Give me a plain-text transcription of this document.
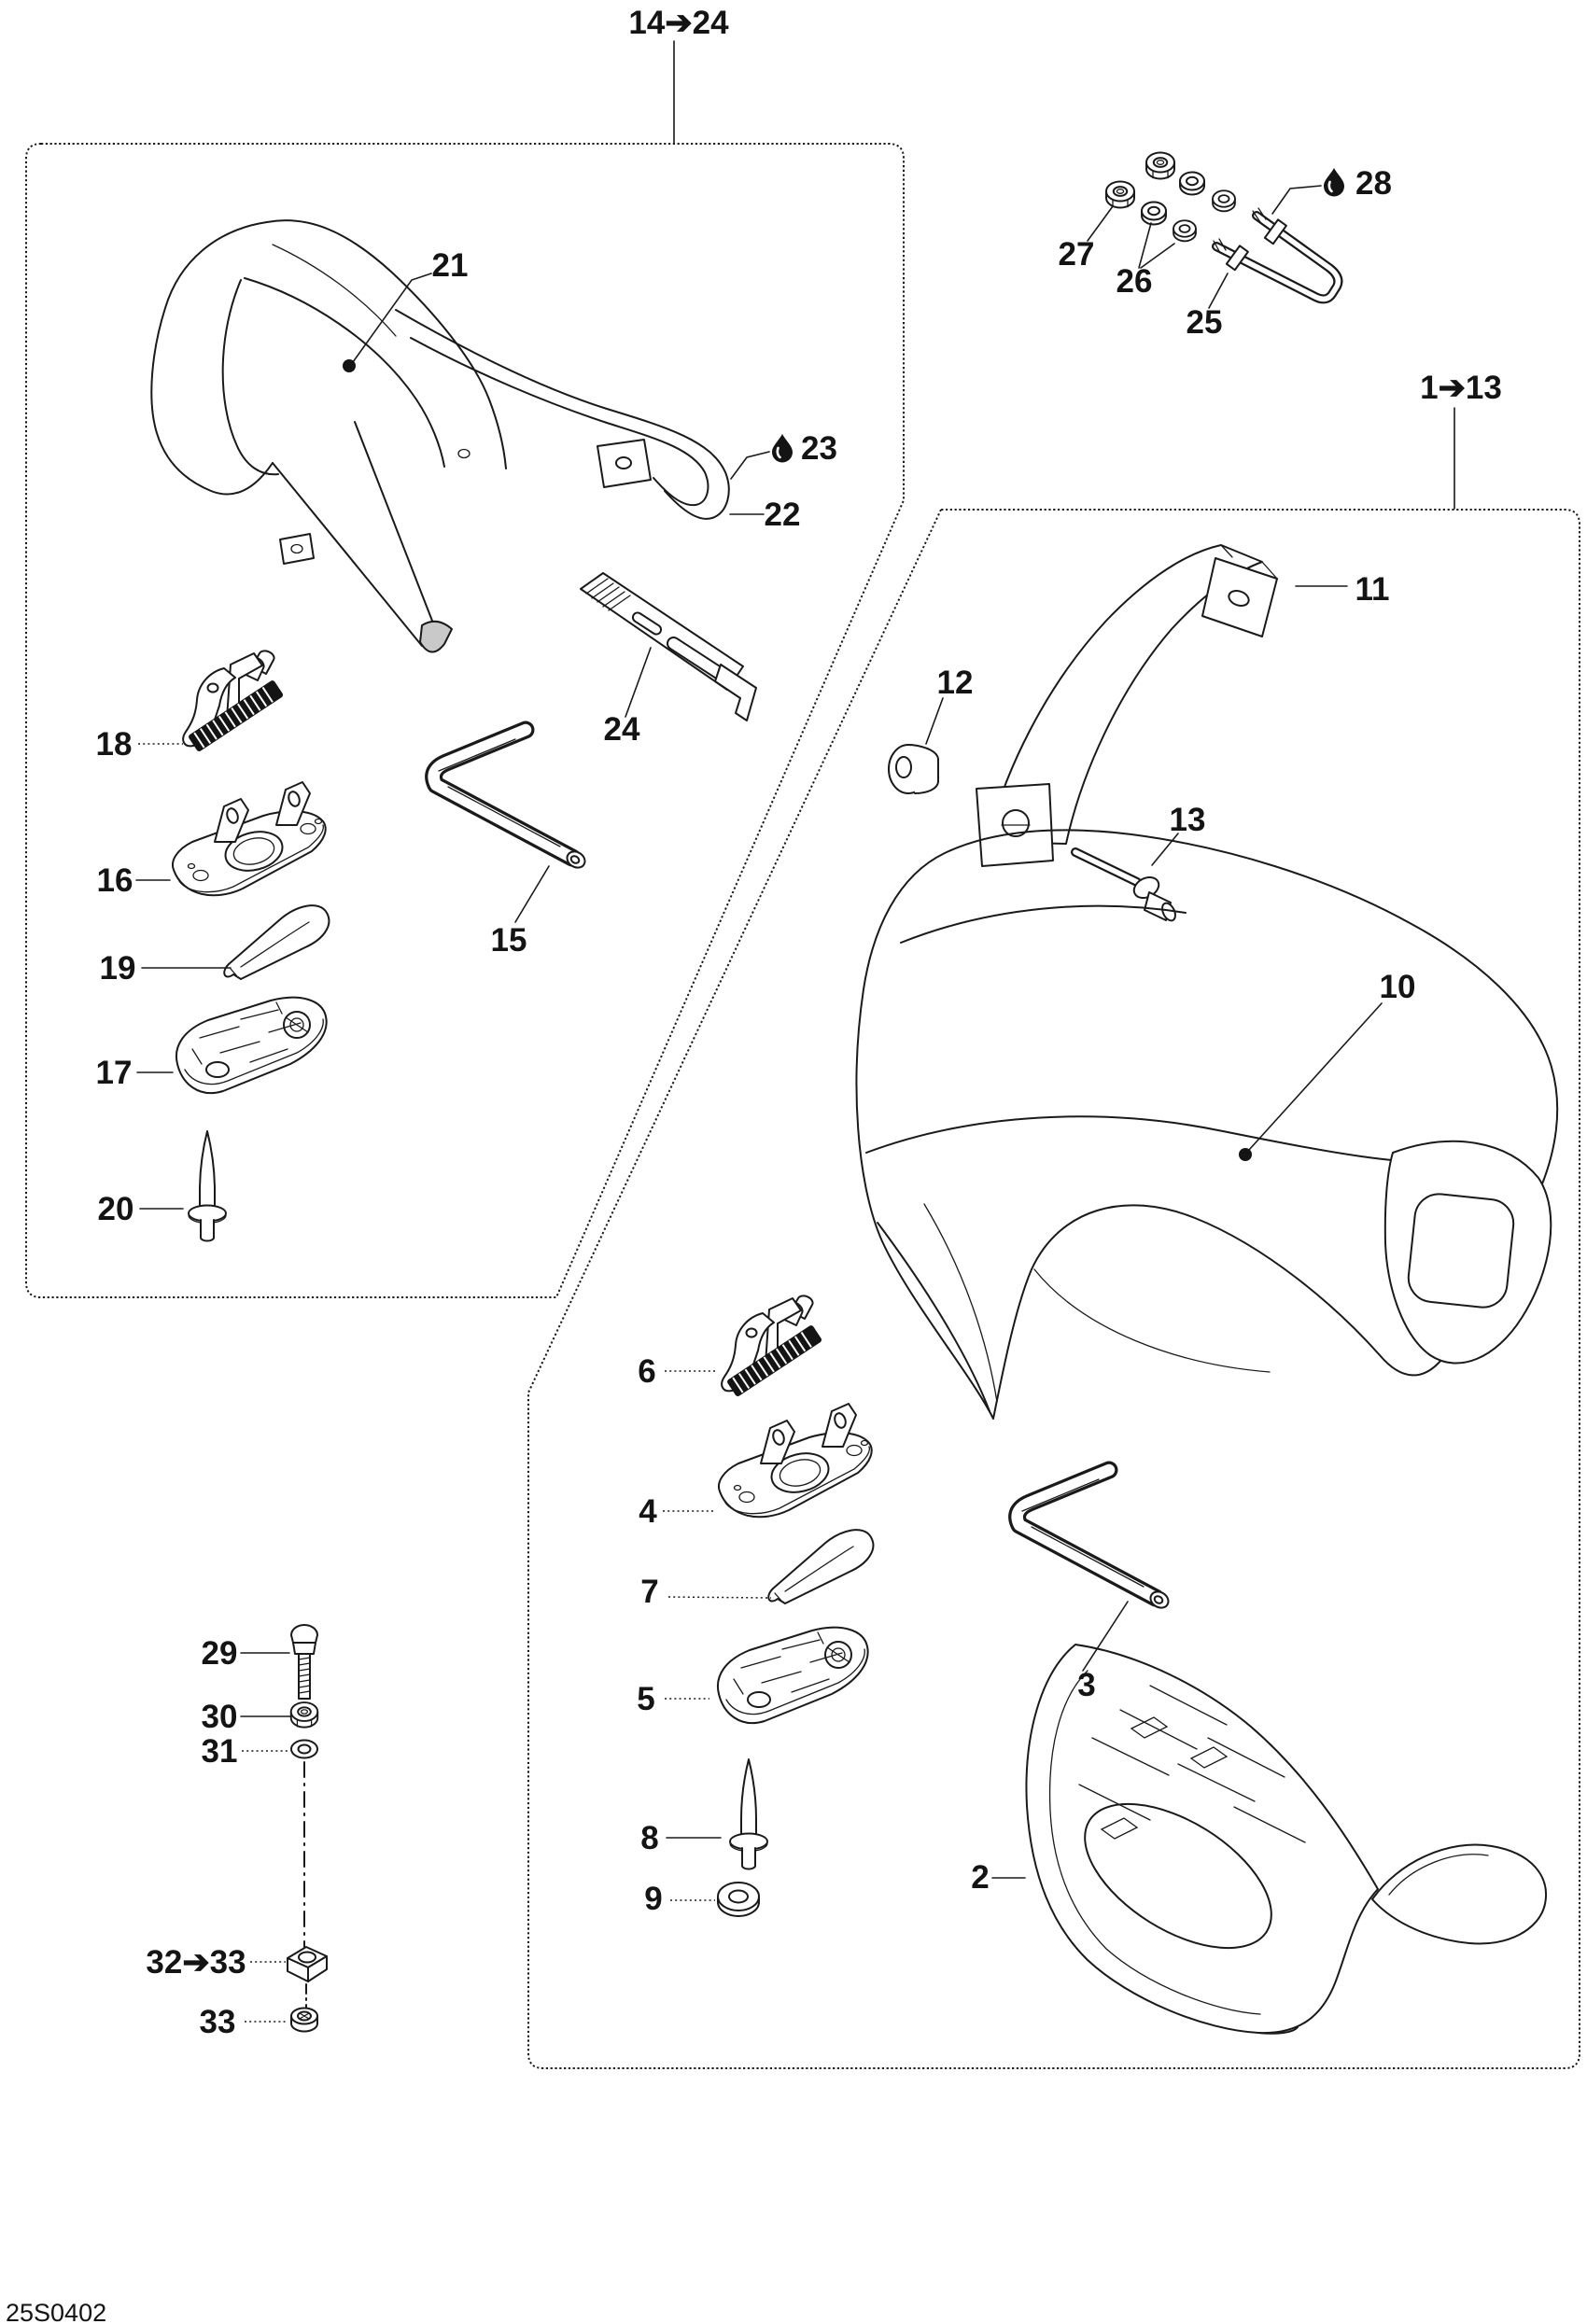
14➔24
1➔13
21
23
22
24
18
16
19
17
20
15
27
26
25
28
11
12
13
10
6
4
7
5
8
9
3
2
29
30
31
32➔33
33
25S0402
